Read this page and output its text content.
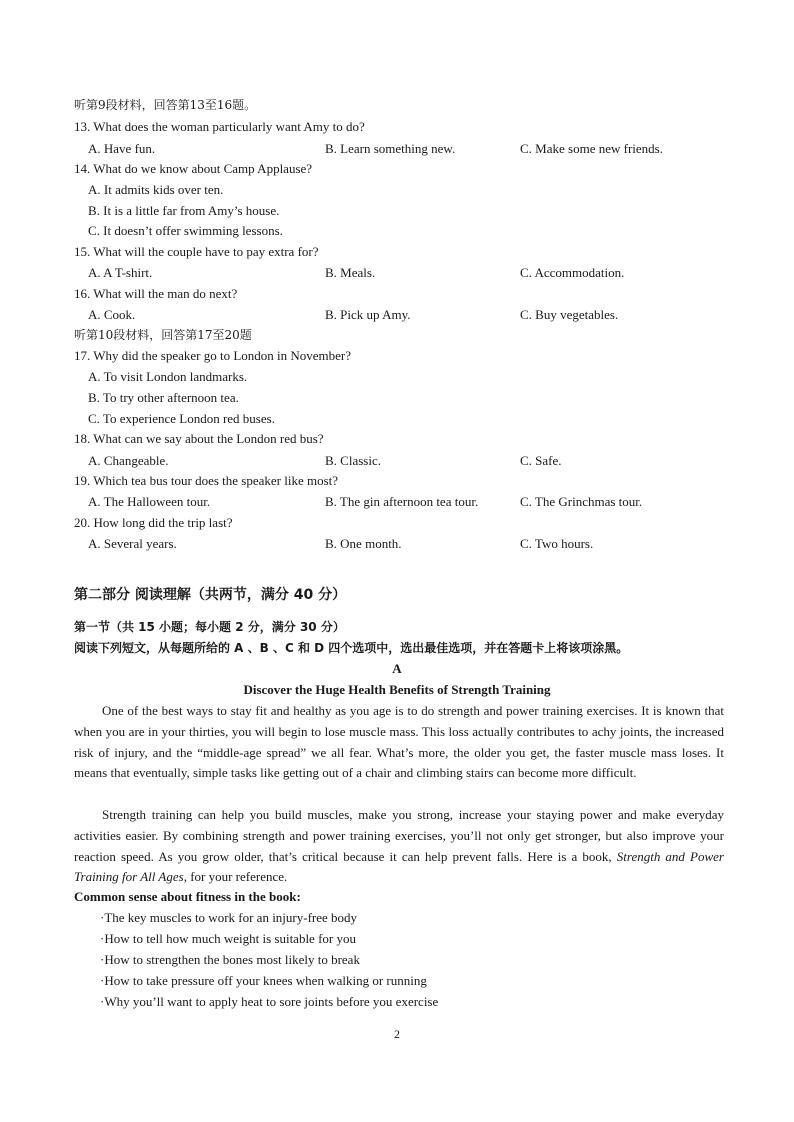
听第9段材料，回答第13至16题。
13. What does the woman particularly want Amy to do?
A. Have fun.	B. Learn something new.	C. Make some new friends.
14. What do we know about Camp Applause?
A. It admits kids over ten.
B. It is a little far from Amy’s house.
C. It doesn’t offer swimming lessons.
15. What will the couple have to pay extra for?
A. A T-shirt.	B. Meals.	C. Accommodation.
16. What will the man do next?
A. Cook.	B. Pick up Amy.	C. Buy vegetables.
听第10段材料，回答第17至20题
17. Why did the speaker go to London in November?
A. To visit London landmarks.
B. To try other afternoon tea.
C. To experience London red buses.
18. What can we say about the London red bus?
A. Changeable.	B. Classic.	C. Safe.
19. Which tea bus tour does the speaker like most?
A. The Halloween tour.	B. The gin afternoon tea tour.	C. The Grinchmas tour.
20. How long did the trip last?
A. Several years.	B. One month.	C. Two hours.
第二部分 阅读理解（共两节，满分 40 分）
第一节（共 15 小题；每小题 2 分，满分 30 分）
阅读下列短文，从每题所给的 A 、B 、C 和 D 四个选项中，选出最佳选项，并在答题卡上将该项涂黑。
A
Discover the Huge Health Benefits of Strength Training
One of the best ways to stay fit and healthy as you age is to do strength and power training exercises. It is known that when you are in your thirties, you will begin to lose muscle mass. This loss actually contributes to achy joints, the increased risk of injury, and the “middle-age spread” we all fear. What’s more, the older you get, the faster muscle mass loses. It means that eventually, simple tasks like getting out of a chair and climbing stairs can become more difficult.
Strength training can help you build muscles, make you strong, increase your staying power and make everyday activities easier. By combining strength and power training exercises, you’ll not only get stronger, but also improve your reaction speed. As you grow older, that’s critical because it can help prevent falls. Here is a book, Strength and Power Training for All Ages, for your reference.
Common sense about fitness in the book:
·The key muscles to work for an injury-free body
·How to tell how much weight is suitable for you
·How to strengthen the bones most likely to break
·How to take pressure off your knees when walking or running
·Why you’ll want to apply heat to sore joints before you exercise
2
